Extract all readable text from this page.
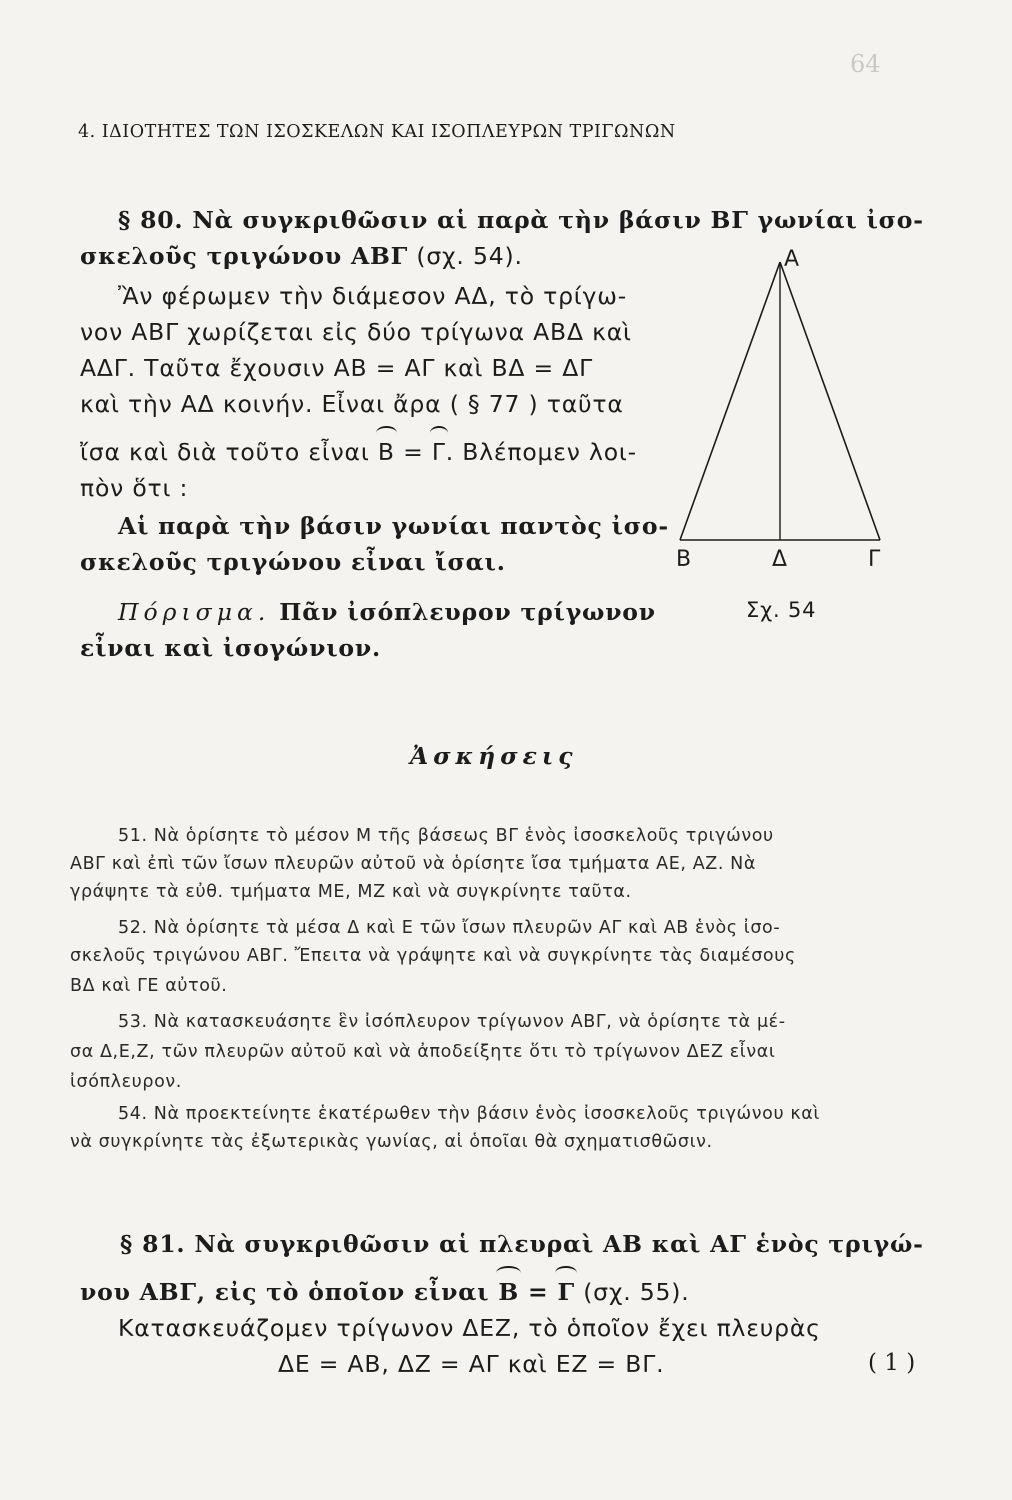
64
4. ΙΔΙΟΤΗΤΕΣ ΤΩΝ ΙΣΟΣΚΕΛΩΝ ΚΑΙ ΙΣΟΠΛΕΥΡΩΝ ΤΡΙΓΩΝΩΝ
§ 80. Νὰ συγκριθῶσιν αἱ παρὰ τὴν βάσιν ΒΓ γωνίαι ἰσο-
σκελοῦς τριγώνου ΑΒΓ (σχ. 54).
Ἂν φέρωμεν τὴν διάμεσον ΑΔ, τὸ τρίγω-
νον ΑΒΓ χωρίζεται εἰς δύο τρίγωνα ΑΒΔ καὶ
ΑΔΓ. Ταῦτα ἔχουσιν ΑΒ = ΑΓ καὶ ΒΔ = ΔΓ
καὶ τὴν ΑΔ κοινήν. Εἶναι ἄρα ( § 77 ) ταῦτα
ἴσα καὶ διὰ τοῦτο εἶναι Β = Γ. Βλέπομεν λοι-
πὸν ὅτι :
Αἱ παρὰ τὴν βάσιν γωνίαι παντὸς ἰσο-
σκελοῦς τριγώνου εἶναι ἴσαι.
Πόρισμα. Πᾶν ἰσόπλευρον τρίγωνον
εἶναι καὶ ἰσογώνιον.
Α
Β	Δ	Γ
Σχ. 54
Ἀσκήσεις
51. Νὰ ὁρίσητε τὸ μέσον Μ τῆς βάσεως ΒΓ ἑνὸς ἰσοσκελοῦς τριγώνου
ΑΒΓ καὶ ἐπὶ τῶν ἴσων πλευρῶν αὐτοῦ νὰ ὁρίσητε ἴσα τμήματα ΑΕ, ΑΖ. Νὰ
γράψητε τὰ εὐθ. τμήματα ΜΕ, ΜΖ καὶ νὰ συγκρίνητε ταῦτα.
52. Νὰ ὁρίσητε τὰ μέσα Δ καὶ Ε τῶν ἴσων πλευρῶν ΑΓ καὶ ΑΒ ἑνὸς ἰσο-
σκελοῦς τριγώνου ΑΒΓ. Ἔπειτα νὰ γράψητε καὶ νὰ συγκρίνητε τὰς διαμέσους
ΒΔ καὶ ΓΕ αὐτοῦ.
53. Νὰ κατασκευάσητε ἓν ἰσόπλευρον τρίγωνον ΑΒΓ, νὰ ὁρίσητε τὰ μέ-
σα Δ,Ε,Ζ, τῶν πλευρῶν αὐτοῦ καὶ νὰ ἀποδείξητε ὅτι τὸ τρίγωνον ΔΕΖ εἶναι
ἰσόπλευρον.
54. Νὰ προεκτείνητε ἑκατέρωθεν τὴν βάσιν ἑνὸς ἰσοσκελοῦς τριγώνου καὶ
νὰ συγκρίνητε τὰς ἐξωτερικὰς γωνίας, αἱ ὁποῖαι θὰ σχηματισθῶσιν.
§ 81. Νὰ συγκριθῶσιν αἱ πλευραὶ ΑΒ καὶ ΑΓ ἑνὸς τριγώ-
νου ΑΒΓ, εἰς τὸ ὁποῖον εἶναι Β = Γ (σχ. 55).
Κατασκευάζομεν τρίγωνον ΔΕΖ, τὸ ὁποῖον ἔχει πλευρὰς
ΔΕ = ΑΒ, ΔΖ = ΑΓ καὶ ΕΖ = ΒΓ.	( 1 )
